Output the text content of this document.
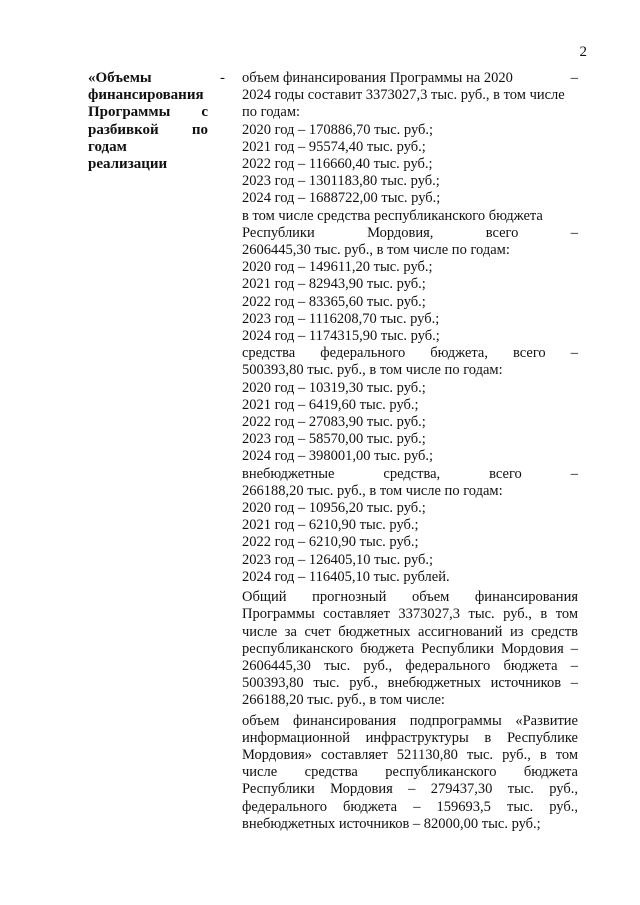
2
«Объемы
финансирования
Программы с
разбивкой по
годам
реализации
- объем финансирования Программы на 2020	–
2024 годы составит 3373027,3 тыс. руб., в том числе
по годам:
2020 год – 170886,70 тыс. руб.;
2021 год – 95574,40 тыс. руб.;
2022 год – 116660,40 тыс. руб.;
2023 год – 1301183,80 тыс. руб.;
2024 год – 1688722,00 тыс. руб.;
в том числе средства республиканского бюджета
Республики	Мордовия,	всего	–
2606445,30 тыс. руб., в том числе по годам:
2020 год – 149611,20 тыс. руб.;
2021 год – 82943,90 тыс. руб.;
2022 год – 83365,60 тыс. руб.;
2023 год – 1116208,70 тыс. руб.;
2024 год – 1174315,90 тыс. руб.;
средства федерального бюджета, всего –
500393,80 тыс. руб., в том числе по годам:
2020 год – 10319,30 тыс. руб.;
2021 год – 6419,60 тыс. руб.;
2022 год – 27083,90 тыс. руб.;
2023 год – 58570,00 тыс. руб.;
2024 год – 398001,00 тыс. руб.;
внебюджетные	средства,	всего	–
266188,20 тыс. руб., в том числе по годам:
2020 год – 10956,20 тыс. руб.;
2021 год – 6210,90 тыс. руб.;
2022 год – 6210,90 тыс. руб.;
2023 год – 126405,10 тыс. руб.;
2024 год – 116405,10 тыс. рублей.
Общий прогнозный объем финансирования Программы составляет 3373027,3 тыс. руб., в том числе за счет бюджетных ассигнований из средств республиканского бюджета Республики Мордовия – 2606445,30 тыс. руб., федерального бюджета – 500393,80 тыс. руб., внебюджетных источников – 266188,20 тыс. руб., в том числе:
объем финансирования подпрограммы «Развитие информационной инфраструктуры в Республике Мордовия» составляет 521130,80 тыс. руб., в том числе средства республиканского бюджета Республики Мордовия – 279437,30 тыс. руб., федерального бюджета – 159693,5 тыс. руб., внебюджетных источников – 82000,00 тыс. руб.;
